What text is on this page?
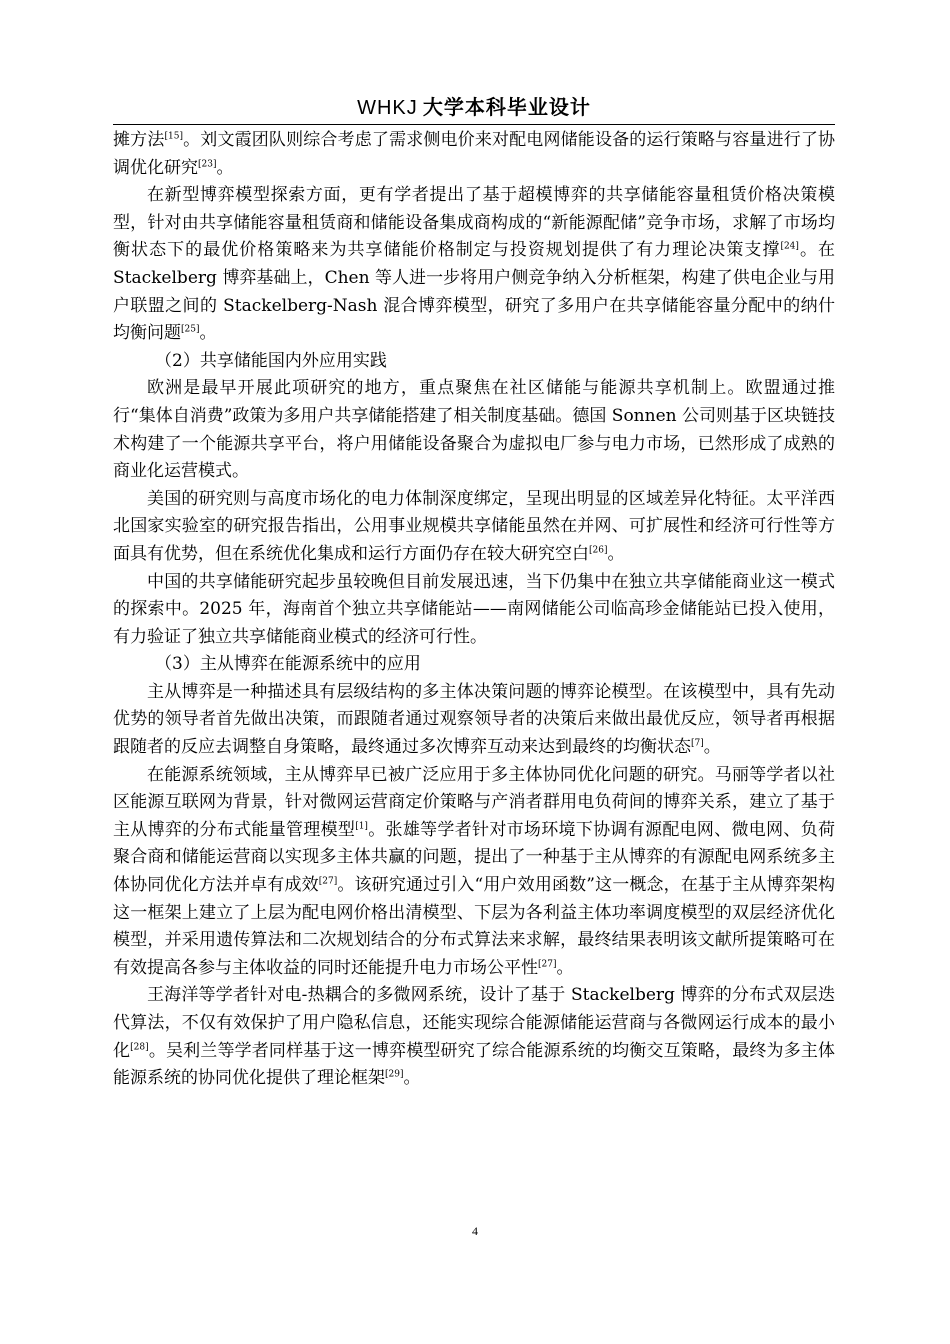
WHKJ 大学本科毕业设计

摊方法[15]。刘文霞团队则综合考虑了需求侧电价来对配电网储能设备的运行策略与容量进行了协调优化研究[23]。

在新型博弈模型探索方面，更有学者提出了基于超模博弈的共享储能容量租赁价格决策模型，针对由共享储能容量租赁商和储能设备集成商构成的“新能源配储”竞争市场，求解了市场均衡状态下的最优价格策略来为共享储能价格制定与投资规划提供了有力理论决策支撑[24]。在 Stackelberg 博弈基础上，Chen 等人进一步将用户侧竞争纳入分析框架，构建了供电企业与用户联盟之间的 Stackelberg-Nash 混合博弈模型，研究了多用户在共享储能容量分配中的纳什均衡问题[25]。

（2）共享储能国内外应用实践

欧洲是最早开展此项研究的地方，重点聚焦在社区储能与能源共享机制上。欧盟通过推行“集体自消费”政策为多用户共享储能搭建了相关制度基础。德国 Sonnen 公司则基于区块链技术构建了一个能源共享平台，将户用储能设备聚合为虚拟电厂参与电力市场，已然形成了成熟的商业化运营模式。

美国的研究则与高度市场化的电力体制深度绑定，呈现出明显的区域差异化特征。太平洋西北国家实验室的研究报告指出，公用事业规模共享储能虽然在并网、可扩展性和经济可行性等方面具有优势，但在系统优化集成和运行方面仍存在较大研究空白[26]。

中国的共享储能研究起步虽较晚但目前发展迅速，当下仍集中在独立共享储能商业这一模式的探索中。2025 年，海南首个独立共享储能站——南网储能公司临高珍金储能站已投入使用，有力验证了独立共享储能商业模式的经济可行性。

（3）主从博弈在能源系统中的应用

主从博弈是一种描述具有层级结构的多主体决策问题的博弈论模型。在该模型中，具有先动优势的领导者首先做出决策，而跟随者通过观察领导者的决策后来做出最优反应，领导者再根据跟随者的反应去调整自身策略，最终通过多次博弈互动来达到最终的均衡状态[7]。

在能源系统领域，主从博弈早已被广泛应用于多主体协同优化问题的研究。马丽等学者以社区能源互联网为背景，针对微网运营商定价策略与产消者群用电负荷间的博弈关系，建立了基于主从博弈的分布式能量管理模型[1]。张雄等学者针对市场环境下协调有源配电网、微电网、负荷聚合商和储能运营商以实现多主体共赢的问题，提出了一种基于主从博弈的有源配电网系统多主体协同优化方法并卓有成效[27]。该研究通过引入“用户效用函数”这一概念，在基于主从博弈架构这一框架上建立了上层为配电网价格出清模型、下层为各利益主体功率调度模型的双层经济优化模型，并采用遗传算法和二次规划结合的分布式算法来求解，最终结果表明该文献所提策略可在有效提高各参与主体收益的同时还能提升电力市场公平性[27]。

王海洋等学者针对电-热耦合的多微网系统，设计了基于 Stackelberg 博弈的分布式双层迭代算法，不仅有效保护了用户隐私信息，还能实现综合能源储能运营商与各微网运行成本的最小化[28]。吴利兰等学者同样基于这一博弈模型研究了综合能源系统的均衡交互策略，最终为多主体能源系统的协同优化提供了理论框架[29]。

4
